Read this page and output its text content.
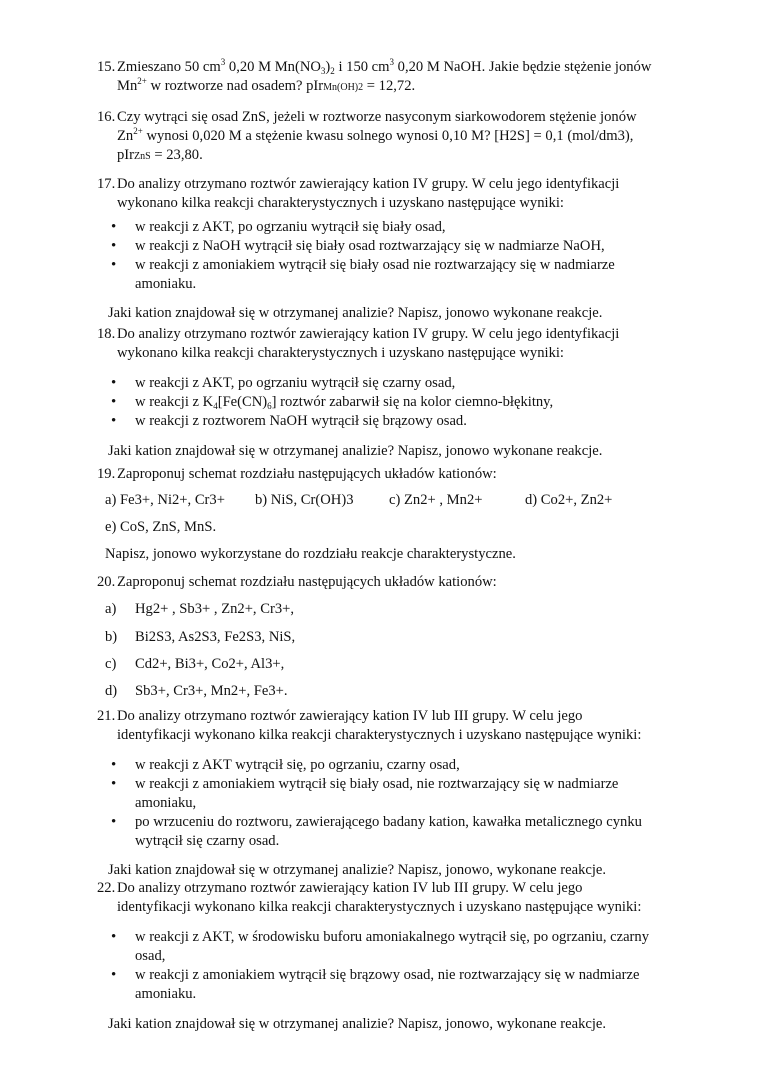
15. Zmieszano 50 $cm^3$ 0,20 M $Mn(NO_3)_2$ i 150 $cm^3$ 0,20 M NaOH. Jakie będzie stężenie jonów
$Mn^{2+}$ w roztworze nad osadem? pIrMn(OH)2 = 12,72.
16. Czy wytrąci się osad ZnS, jeżeli w roztworze nasyconym siarkowodorem stężenie jonów
$Zn^{2+}$ wynosi 0,020 M a stężenie kwasu solnego wynosi 0,10 M? [H2S] = 0,1 (mol/dm3),
pIrZnS = 23,80.
17. Do analizy otrzymano roztwór zawierający kation IV grupy. W celu jego identyfikacji
wykonano kilka reakcji charakterystycznych i uzyskano następujące wyniki:
• w reakcji z AKT, po ogrzaniu wytrącił się biały osad,
• w reakcji z NaOH wytrącił się biały osad roztwarzający się w nadmiarze NaOH,
• w reakcji z amoniakiem wytrącił się biały osad nie roztwarzający się w nadmiarze amoniaku.
Jaki kation znajdował się w otrzymanej analizie? Napisz, jonowo wykonane reakcje.
18. Do analizy otrzymano roztwór zawierający kation IV grupy. W celu jego identyfikacji
wykonano kilka reakcji charakterystycznych i uzyskano następujące wyniki:
• w reakcji z AKT, po ogrzaniu wytrącił się czarny osad,
• w reakcji z $K_4[Fe(CN)_6]$ roztwór zabarwił się na kolor ciemno-błękitny,
• w reakcji z roztworem NaOH wytrącił się brązowy osad.
Jaki kation znajdował się w otrzymanej analizie? Napisz, jonowo wykonane reakcje.
19. Zaproponuj schemat rozdziału następujących układów kationów:
a) Fe3+, Ni2+, Cr3+ b) NiS, Cr(OH)3 c) Zn2+ , Mn2+	d) Co2+, Zn2+
e) CoS, ZnS, MnS.
Napisz, jonowo wykorzystane do rozdziału reakcje charakterystyczne.
20. Zaproponuj schemat rozdziału następujących układów kationów:
a) Hg2+ , Sb3+ , Zn2+, Cr3+,
b) Bi2S3, As2S3, Fe2S3, NiS,
c) Cd2+, Bi3+, Co2+, Al3+,
d) Sb3+, Cr3+, Mn2+, Fe3+.
21. Do analizy otrzymano roztwór zawierający kation IV lub III grupy. W celu jego
identyfikacji wykonano kilka reakcji charakterystycznych i uzyskano następujące wyniki:
• w reakcji z AKT wytrącił się, po ogrzaniu, czarny osad,
• w reakcji z amoniakiem wytrącił się biały osad, nie roztwarzający się w nadmiarze amoniaku,
• po wrzuceniu do roztworu, zawierającego badany kation, kawałka metalicznego cynku wytrącił się czarny osad.
Jaki kation znajdował się w otrzymanej analizie? Napisz, jonowo, wykonane reakcje.
22. Do analizy otrzymano roztwór zawierający kation IV lub III grupy. W celu jego
identyfikacji wykonano kilka reakcji charakterystycznych i uzyskano następujące wyniki:
• w reakcji z AKT, w środowisku buforu amoniakalnego wytrącił się, po ogrzaniu, czarny osad,
• w reakcji z amoniakiem wytrącił się brązowy osad, nie roztwarzający się w nadmiarze amoniaku.
Jaki kation znajdował się w otrzymanej analizie? Napisz, jonowo, wykonane reakcje.
